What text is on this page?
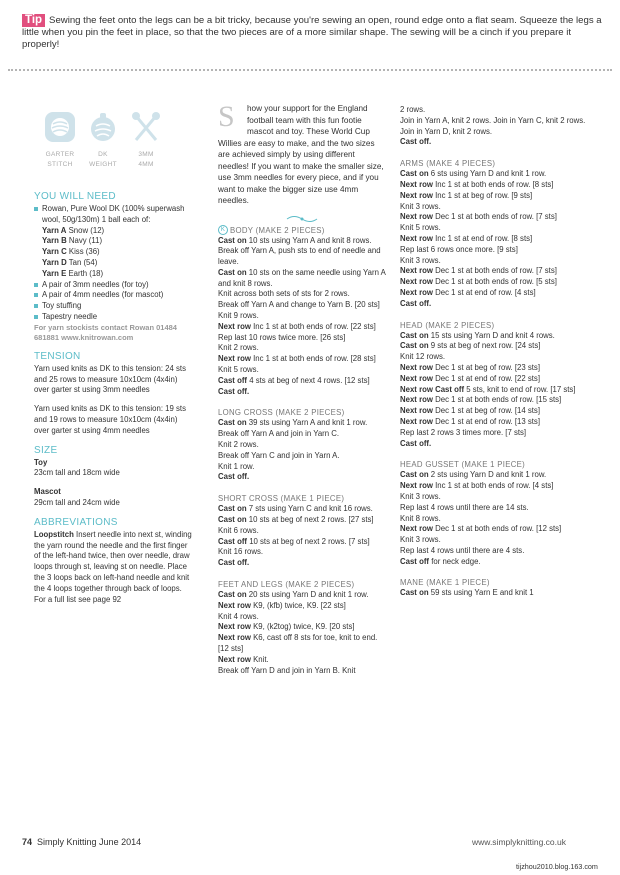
Tip Sewing the feet onto the legs can be a bit tricky, because you're sewing an open, round edge onto a flat seam. Squeeze the legs a little when you pin the feet in place, so that the two pieces are of a more similar shape. The sewing will be a cinch if you prepare it properly!
GARTER
STITCH
DK
WEIGHT
3MM
4MM
YOU WILL NEED
Rowan, Pure Wool DK (100% superwash wool, 50g/130m) 1 ball each of:
Yarn A Snow (12)
Yarn B Navy (11)
Yarn C Kiss (36)
Yarn D Tan (54)
Yarn E Earth (18)
A pair of 3mm needles (for toy)
A pair of 4mm needles (for mascot)
Toy stuffing
Tapestry needle
For yarn stockists contact Rowan 01484 681881 www.knitrowan.com
TENSION
Yarn used knits as DK to this tension: 24 sts and 25 rows to measure 10x10cm (4x4in) over garter st using 3mm needles
Yarn used knits as DK to this tension: 19 sts and 19 rows to measure 10x10cm (4x4in) over garter st using 4mm needles
SIZE
Toy
23cm tall and 18cm wide
Mascot
29cm tall and 24cm wide
ABBREVIATIONS
Loopstitch Insert needle into next st, winding the yarn round the needle and the first finger of the left-hand twice, then over needle, draw loops through st, leaving st on needle. Place the 3 loops back on left-hand needle and knit the 4 loops together through back of loops.
For a full list see page 92
S	how your support for the England football team with this fun footie mascot and toy. These World Cup Willies are easy to make, and the two sizes are achieved simply by using different needles! If you want to make the smaller size, use 3mm needles for every piece, and if you want to make the bigger size use 4mm needles.
K BODY (MAKE 2 PIECES)
Cast on 10 sts using Yarn A and knit 8 rows.
Break off Yarn A, push sts to end of needle and leave.
Cast on 10 sts on the same needle using Yarn A and knit 8 rows.
Knit across both sets of sts for 2 rows.
Break off Yarn A and change to Yarn B. [20 sts]
Knit 9 rows.
Next row Inc 1 st at both ends of row. [22 sts]
Rep last 10 rows twice more. [26 sts]
Knit 2 rows.
Next row Inc 1 st at both ends of row. [28 sts]
Knit 5 rows.
Cast off 4 sts at beg of next 4 rows. [12 sts]
Cast off.
LONG CROSS (MAKE 2 PIECES)
Cast on 39 sts using Yarn A and knit 1 row.
Break off Yarn A and join in Yarn C.
Knit 2 rows.
Break off Yarn C and join in Yarn A.
Knit 1 row.
Cast off.
SHORT CROSS (MAKE 1 PIECE)
Cast on 7 sts using Yarn C and knit 16 rows.
Cast on 10 sts at beg of next 2 rows. [27 sts]
Knit 6 rows.
Cast off 10 sts at beg of next 2 rows. [7 sts]
Knit 16 rows.
Cast off.
FEET AND LEGS (MAKE 2 PIECES)
Cast on 20 sts using Yarn D and knit 1 row.
Next row K9, (kfb) twice, K9. [22 sts]
Knit 4 rows.
Next row K9, (k2tog) twice, K9. [20 sts]
Next row K6, cast off 8 sts for toe, knit to end. [12 sts]
Next row Knit.
Break off Yarn D and join in Yarn B. Knit
2 rows.
Join in Yarn A, knit 2 rows. Join in Yarn C, knit 2 rows. Join in Yarn D, knit 2 rows.
Cast off.
ARMS (MAKE 4 PIECES)
Cast on 6 sts using Yarn D and knit 1 row.
Next row Inc 1 st at both ends of row. [8 sts]
Next row Inc 1 st at beg of row. [9 sts]
Knit 3 rows.
Next row Dec 1 st at both ends of row. [7 sts]
Knit 5 rows.
Next row Inc 1 st at end of row. [8 sts]
Rep last 6 rows once more. [9 sts]
Knit 3 rows.
Next row Dec 1 st at both ends of row. [7 sts]
Next row Dec 1 st at both ends of row. [5 sts]
Next row Dec 1 st at end of row. [4 sts]
Cast off.
HEAD (MAKE 2 PIECES)
Cast on 15 sts using Yarn D and knit 4 rows.
Cast on 9 sts at beg of next row. [24 sts]
Knit 12 rows.
Next row Dec 1 st at beg of row. [23 sts]
Next row Dec 1 st at end of row. [22 sts]
Next row Cast off 5 sts, knit to end of row. [17 sts]
Next row Dec 1 st at both ends of row. [15 sts]
Next row Dec 1 st at beg of row. [14 sts]
Next row Dec 1 st at end of row. [13 sts]
Rep last 2 rows 3 times more. [7 sts]
Cast off.
HEAD GUSSET (MAKE 1 PIECE)
Cast on 2 sts using Yarn D and knit 1 row.
Next row Inc 1 st at both ends of row. [4 sts]
Knit 3 rows.
Rep last 4 rows until there are 14 sts.
Knit 8 rows.
Next row Dec 1 st at both ends of row. [12 sts]
Knit 3 rows.
Rep last 4 rows until there are 4 sts.
Cast off for neck edge.
MANE (MAKE 1 PIECE)
Cast on 59 sts using Yarn E and knit 1
74 Simply Knitting June 2014	www.simplyknitting.co.uk
tijzhou2010.blog.163.com
